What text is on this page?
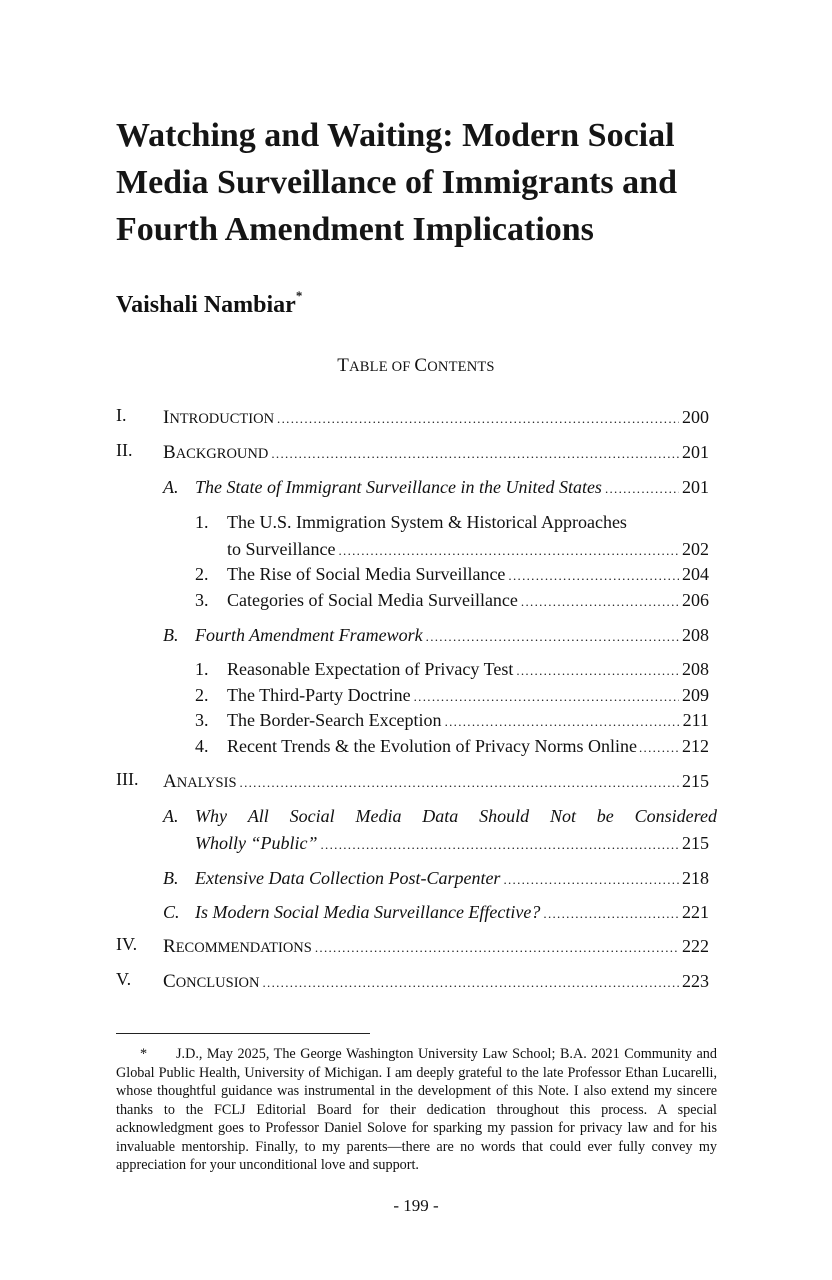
Watching and Waiting: Modern Social
Media Surveillance of Immigrants and
Fourth Amendment Implications

Vaishali Nambiar*

TABLE OF CONTENTS
I. INTRODUCTION .....	200
II. BACKGROUND .....	201
A. The State of Immigrant Surveillance in the United States .....	201
1.	The U.S. Immigration System & Historical Approaches
to Surveillance .....	202
2.	The Rise of Social Media Surveillance .....	204
3.	Categories of Social Media Surveillance .....	206
B. Fourth Amendment Framework .....	208
1.	Reasonable Expectation of Privacy Test .....	208
2.	The Third-Party Doctrine .....	209
3.	The Border-Search Exception .....	211
4.	Recent Trends & the Evolution of Privacy Norms Online .....	212
III. ANALYSIS .....	215
A. Why All Social Media Data Should Not be Considered
Wholly “Public” .....	215
B. Extensive Data Collection Post-Carpenter .....	218
C. Is Modern Social Media Surveillance Effective? .....	221
IV. RECOMMENDATIONS .....	222
V. CONCLUSION .....	223

* J.D., May 2025, The George Washington University Law School; B.A. 2021 Community and Global Public Health, University of Michigan. I am deeply grateful to the late Professor Ethan Lucarelli, whose thoughtful guidance was instrumental in the development of this Note. I also extend my sincere thanks to the FCLJ Editorial Board for their dedication throughout this process. A special acknowledgment goes to Professor Daniel Solove for sparking my passion for privacy law and for his invaluable mentorship. Finally, to my parents—there are no words that could ever fully convey my appreciation for your unconditional love and support.

- 199 -
